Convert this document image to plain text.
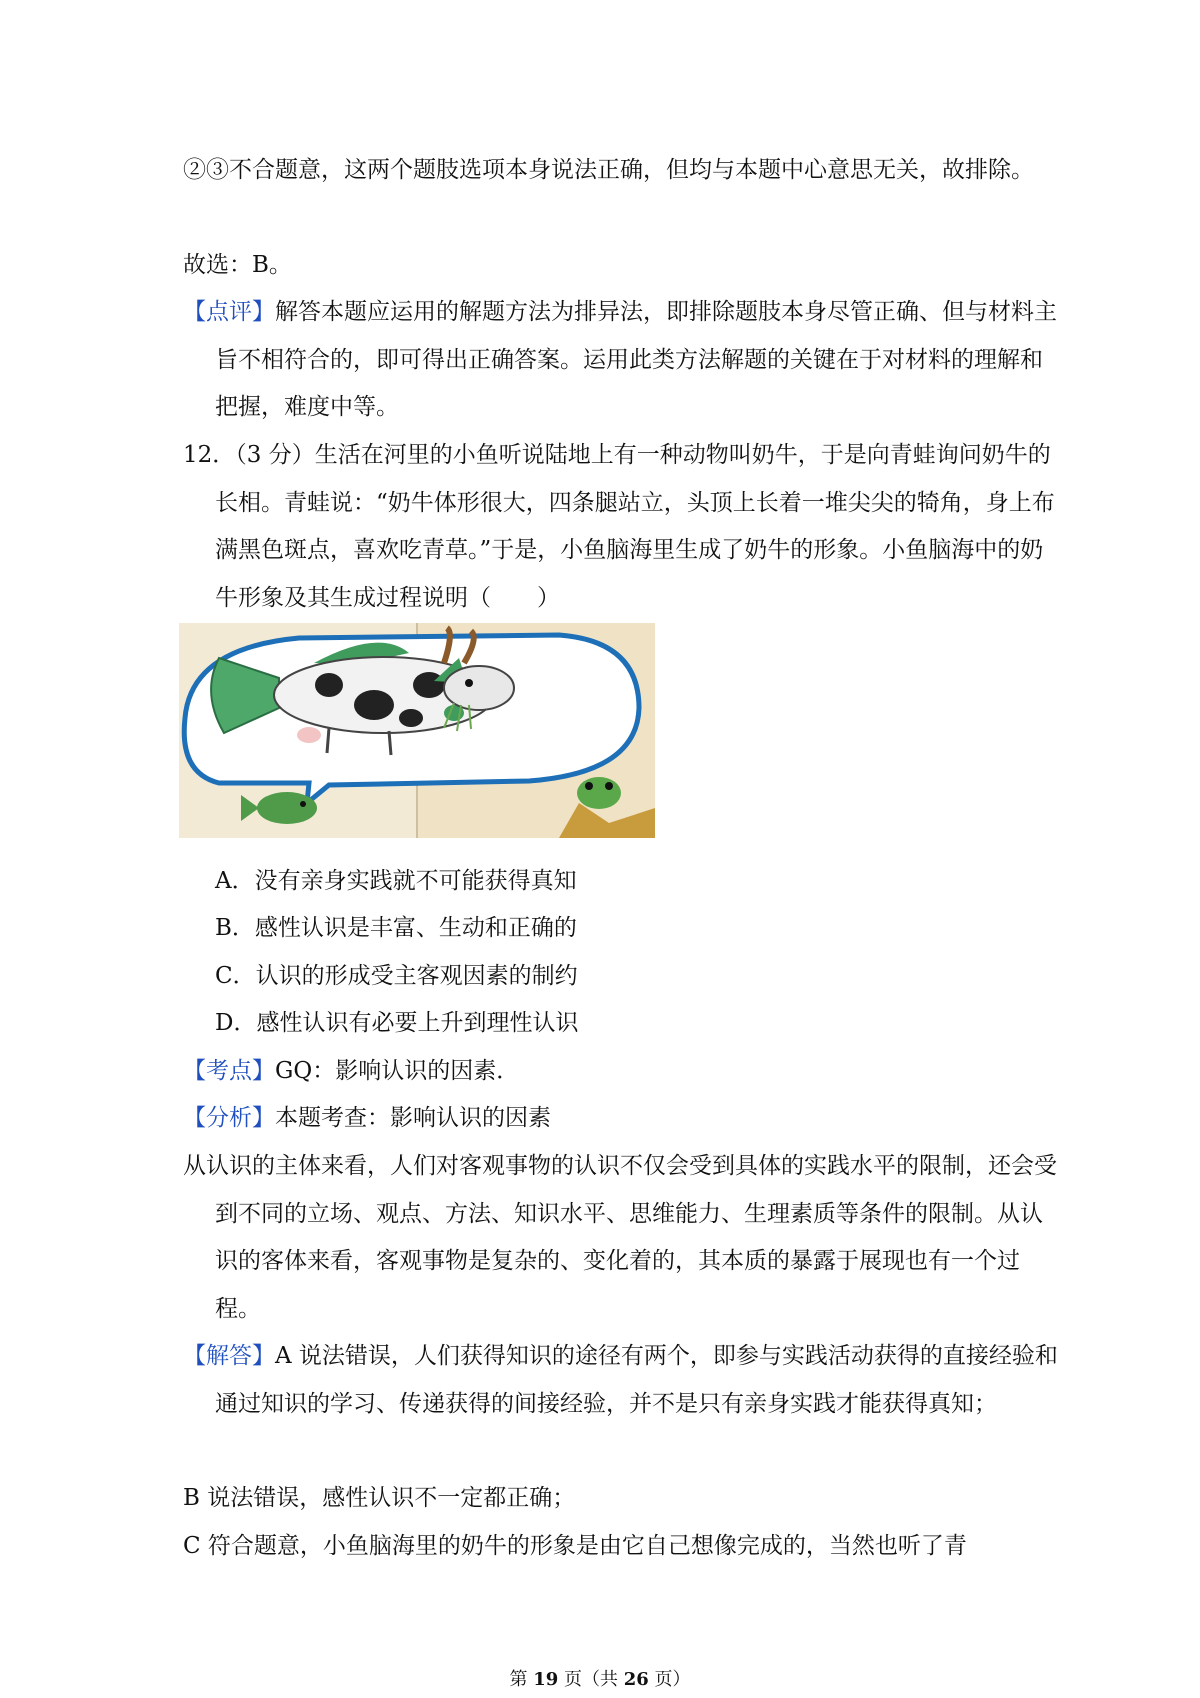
②③不合题意，这两个题肢选项本身说法正确，但均与本题中心意思无关，故排除。
故选：B。
【点评】解答本题应运用的解题方法为排异法，即排除题肢本身尽管正确、但与材料主旨不相符合的，即可得出正确答案。运用此类方法解题的关键在于对材料的理解和把握，难度中等。
12．（3 分）生活在河里的小鱼听说陆地上有一种动物叫奶牛，于是向青蛙询问奶牛的长相。青蛙说：“奶牛体形很大，四条腿站立，头顶上长着一堆尖尖的犄角，身上布满黑色斑点，喜欢吃青草。”于是，小鱼脑海里生成了奶牛的形象。小鱼脑海中的奶牛形象及其生成过程说明（　　）
A．没有亲身实践就不可能获得真知
B．感性认识是丰富、生动和正确的
C．认识的形成受主客观因素的制约
D．感性认识有必要上升到理性认识
【考点】GQ：影响认识的因素．
【分析】本题考查：影响认识的因素
从认识的主体来看，人们对客观事物的认识不仅会受到具体的实践水平的限制，还会受到不同的立场、观点、方法、知识水平、思维能力、生理素质等条件的限制。从认识的客体来看，客观事物是复杂的、变化着的，其本质的暴露于展现也有一个过程。
【解答】A 说法错误，人们获得知识的途径有两个，即参与实践活动获得的直接经验和通过知识的学习、传递获得的间接经验，并不是只有亲身实践才能获得真知；
B 说法错误，感性认识不一定都正确；
C 符合题意，小鱼脑海里的奶牛的形象是由它自己想像完成的，当然也听了青
第 19 页（共 26 页）
